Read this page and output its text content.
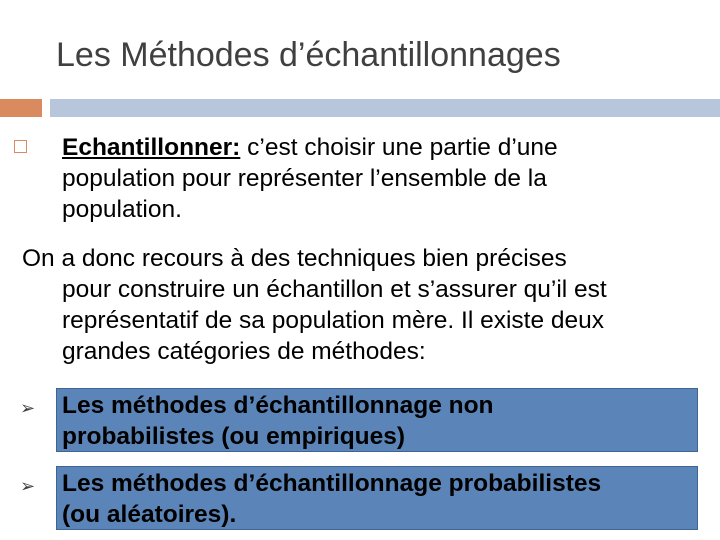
Les Méthodes d’échantillonnages
Echantillonner: c’est choisir une partie d’une
population pour représenter l’ensemble de la
population.
On a donc recours à des techniques bien précises
pour construire un échantillon et s’assurer qu’il est
représentatif de sa population mère. Il existe deux
grandes catégories de méthodes:
➢ Les méthodes d’échantillonnage non
probabilistes (ou empiriques)
➢ Les méthodes d’échantillonnage probabilistes
(ou aléatoires).
